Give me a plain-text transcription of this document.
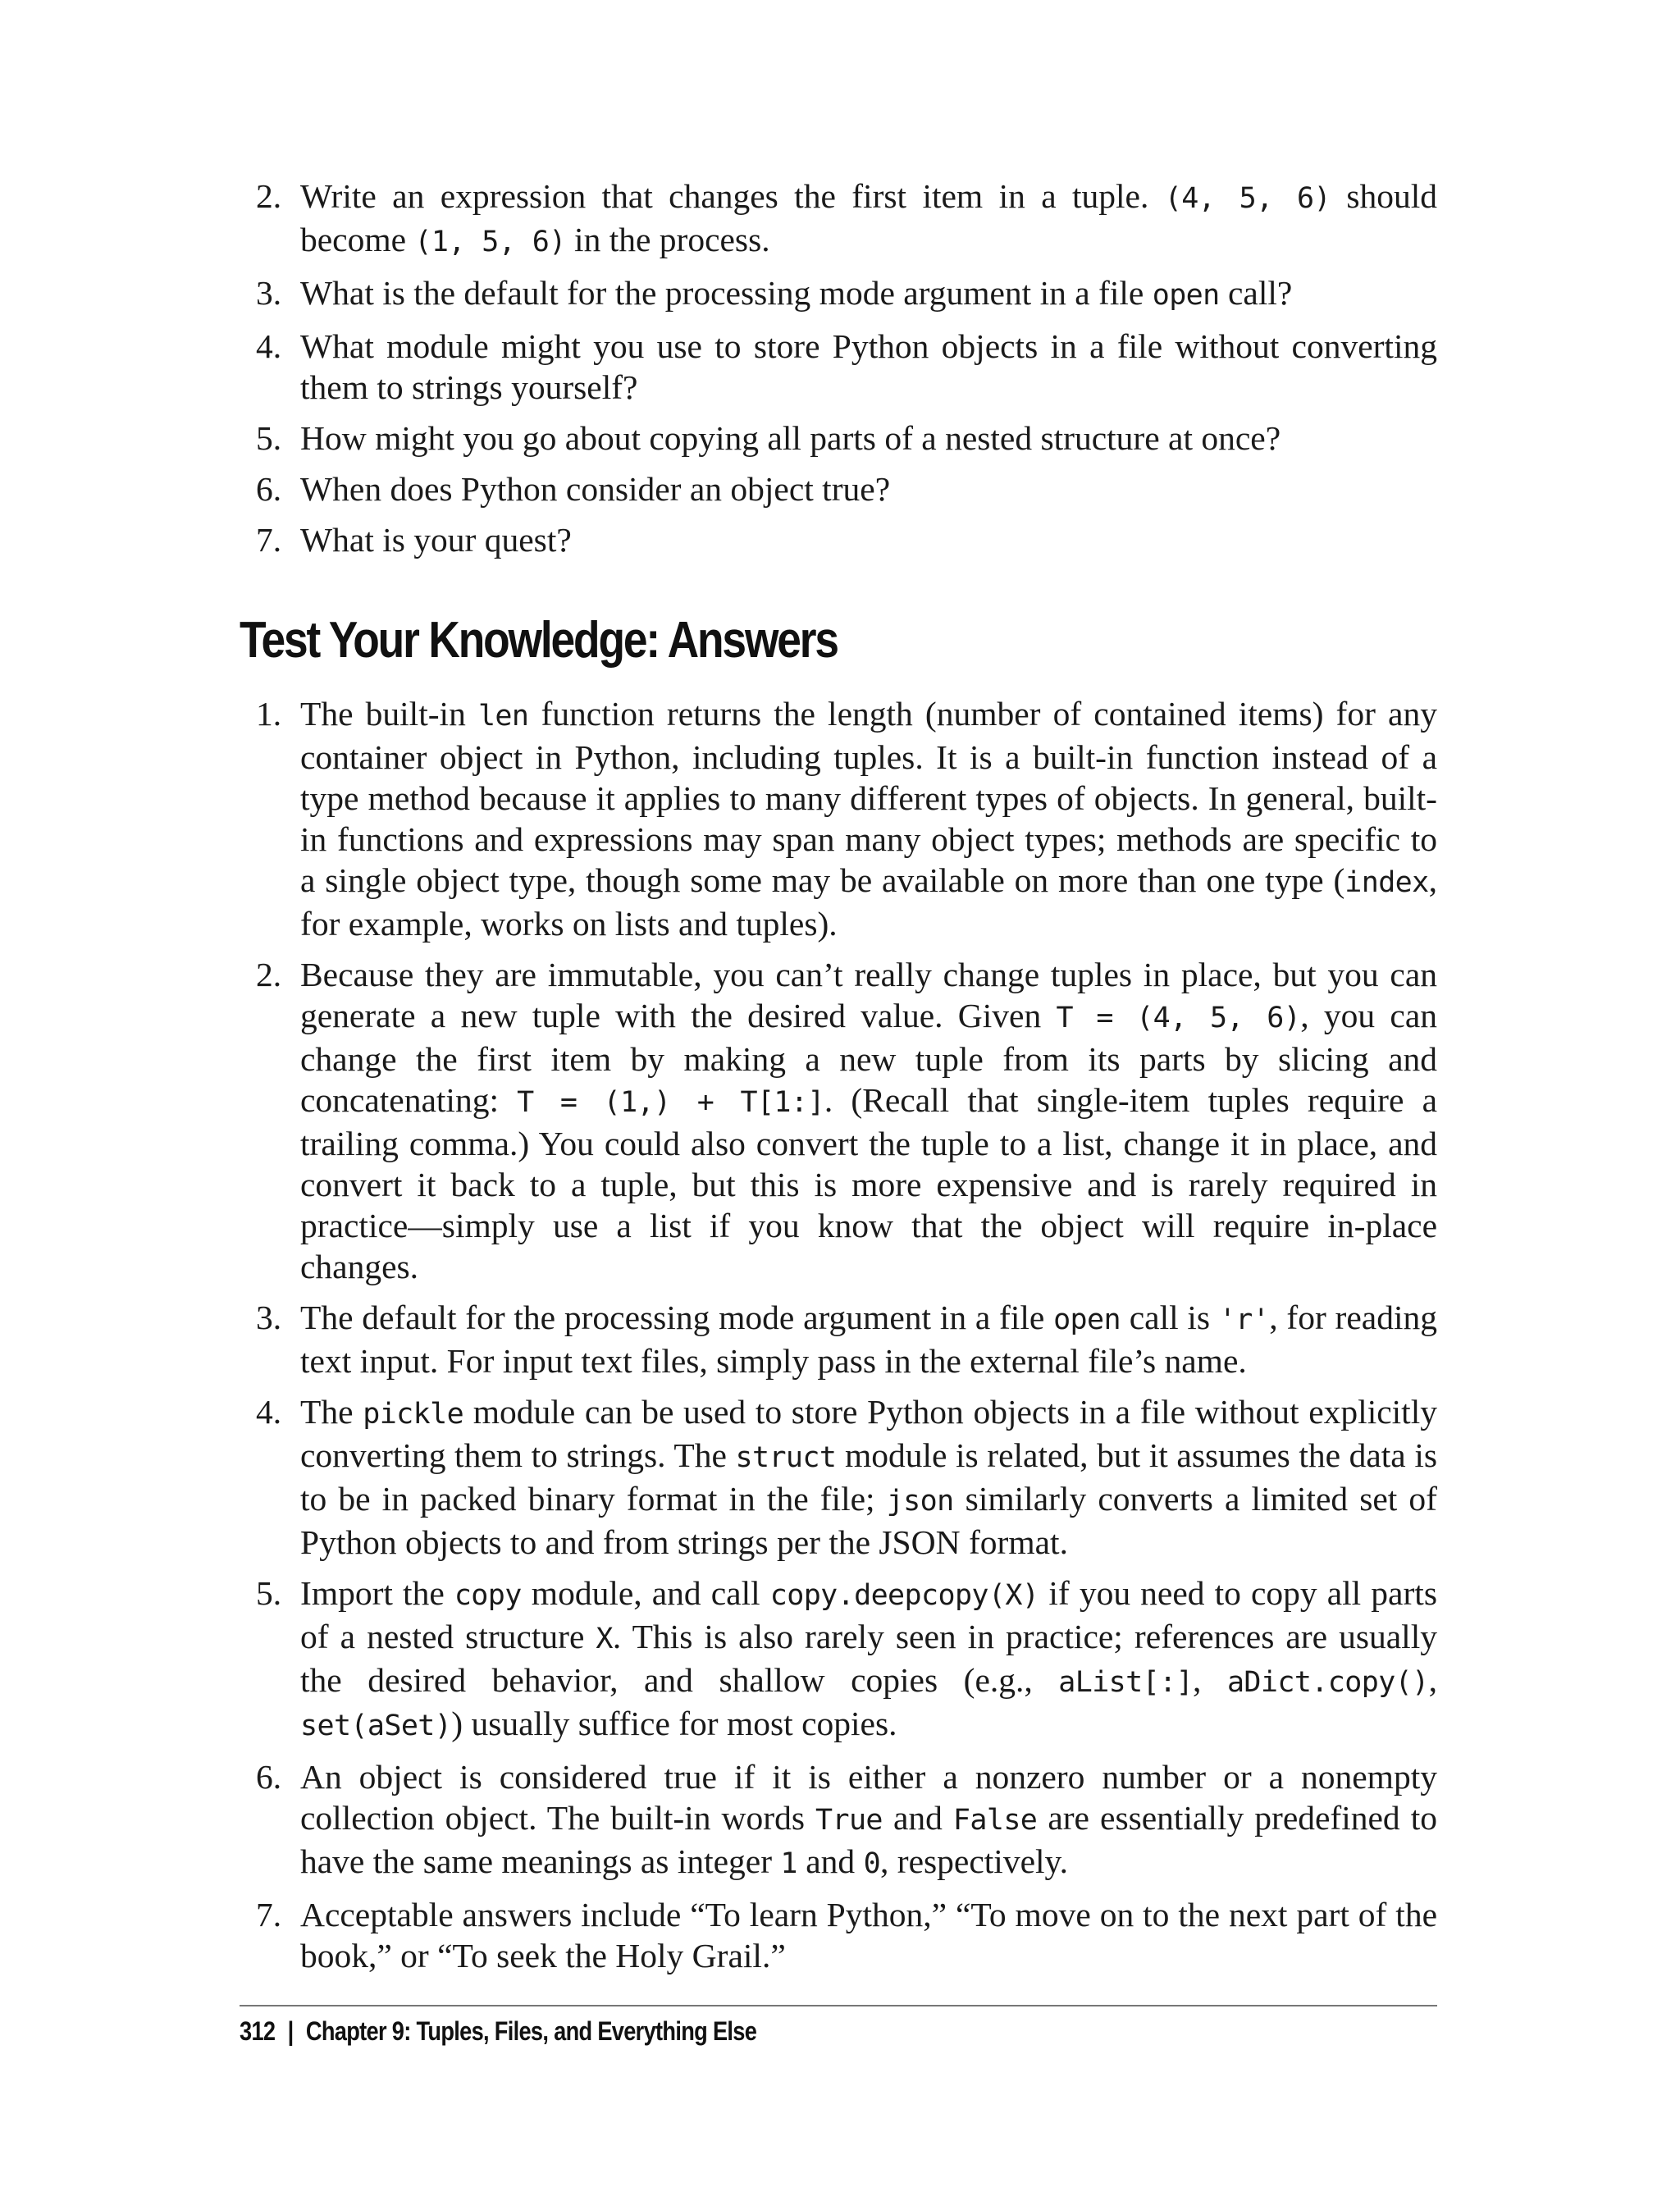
2. Write an expression that changes the first item in a tuple. (4, 5, 6) should become (1, 5, 6) in the process.
3. What is the default for the processing mode argument in a file open call?
4. What module might you use to store Python objects in a file without converting them to strings yourself?
5. How might you go about copying all parts of a nested structure at once?
6. When does Python consider an object true?
7. What is your quest?
Test Your Knowledge: Answers
1. The built-in len function returns the length (number of contained items) for any container object in Python, including tuples. It is a built-in function instead of a type method because it applies to many different types of objects. In general, built-in functions and expressions may span many object types; methods are specific to a single object type, though some may be available on more than one type (index, for example, works on lists and tuples).
2. Because they are immutable, you can’t really change tuples in place, but you can generate a new tuple with the desired value. Given T = (4, 5, 6), you can change the first item by making a new tuple from its parts by slicing and concatenating: T = (1,) + T[1:]. (Recall that single-item tuples require a trailing comma.) You could also convert the tuple to a list, change it in place, and convert it back to a tuple, but this is more expensive and is rarely required in practice—simply use a list if you know that the object will require in-place changes.
3. The default for the processing mode argument in a file open call is 'r', for reading text input. For input text files, simply pass in the external file’s name.
4. The pickle module can be used to store Python objects in a file without explicitly converting them to strings. The struct module is related, but it assumes the data is to be in packed binary format in the file; json similarly converts a limited set of Python objects to and from strings per the JSON format.
5. Import the copy module, and call copy.deepcopy(X) if you need to copy all parts of a nested structure X. This is also rarely seen in practice; references are usually the desired behavior, and shallow copies (e.g., aList[:], aDict.copy(), set(aSet)) usually suffice for most copies.
6. An object is considered true if it is either a nonzero number or a nonempty collection object. The built-in words True and False are essentially predefined to have the same meanings as integer 1 and 0, respectively.
7. Acceptable answers include “To learn Python,” “To move on to the next part of the book,” or “To seek the Holy Grail.”
312 | Chapter 9: Tuples, Files, and Everything Else
